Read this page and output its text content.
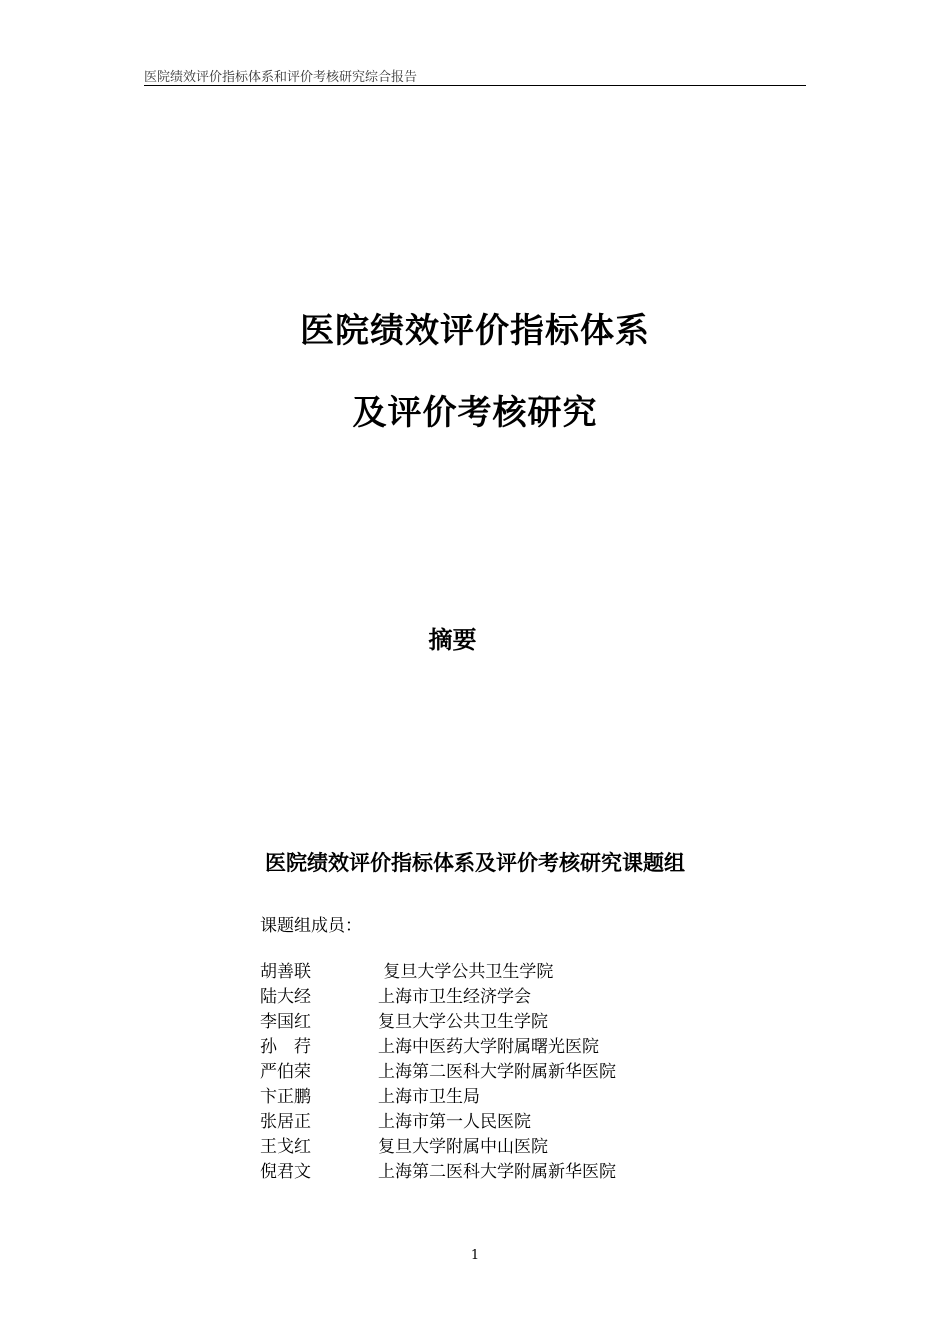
医院绩效评价指标体系和评价考核研究综合报告
医院绩效评价指标体系
及评价考核研究
摘要
医院绩效评价指标体系及评价考核研究课题组
课题组成员：
胡善联	复旦大学公共卫生学院
陆大经	上海市卫生经济学会
李国红	复旦大学公共卫生学院
孙　荇	上海中医药大学附属曙光医院
严伯荣	上海第二医科大学附属新华医院
卞正鹏	上海市卫生局
张居正	上海市第一人民医院
王戈红	复旦大学附属中山医院
倪君文	上海第二医科大学附属新华医院
1
